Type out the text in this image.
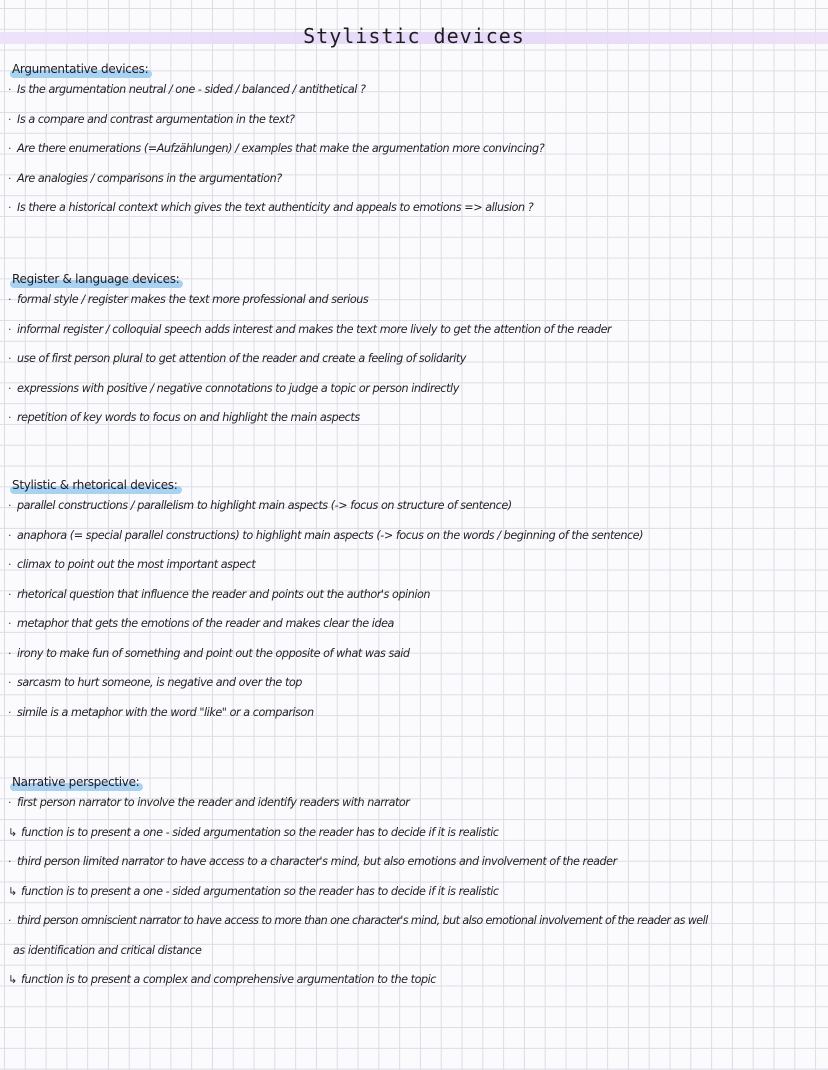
Stylistic devices
Argumentative devices:
· Is the argumentation neutral / one - sided / balanced / antithetical ?
· Is a compare and contrast argumentation in the text?
· Are there enumerations (=Aufzählungen) / examples that make the argumentation more convincing?
· Are analogies / comparisons in the argumentation?
· Is there a historical context which gives the text authenticity and appeals to emotions => allusion ?
Register & language devices:
· formal style / register makes the text more professional and serious
· informal register / colloquial speech adds interest and makes the text more lively to get the attention of the reader
· use of first person plural to get attention of the reader and create a feeling of solidarity
· expressions with positive / negative connotations to judge a topic or person indirectly
· repetition of key words to focus on and highlight the main aspects
Stylistic & rhetorical devices:
· parallel constructions / parallelism to highlight main aspects (-> focus on structure of sentence)
· anaphora (= special parallel constructions) to highlight main aspects (-> focus on the words / beginning of the sentence)
· climax to point out the most important aspect
· rhetorical question that influence the reader and points out the author's opinion
· metaphor that gets the emotions of the reader and makes clear the idea
· irony to make fun of something and point out the opposite of what was said
· sarcasm to hurt someone, is negative and over the top
· simile is a metaphor with the word "like" or a comparison
Narrative perspective:
· first person narrator to involve the reader and identify readers with narrator
↳ function is to present a one - sided argumentation so the reader has to decide if it is realistic
· third person limited narrator to have access to a character's mind, but also emotions and involvement of the reader
↳ function is to present a one - sided argumentation so the reader has to decide if it is realistic
· third person omniscient narrator to have access to more than one character's mind, but also emotional involvement of the reader as well
as identification and critical distance
↳ function is to present a complex and comprehensive argumentation to the topic
